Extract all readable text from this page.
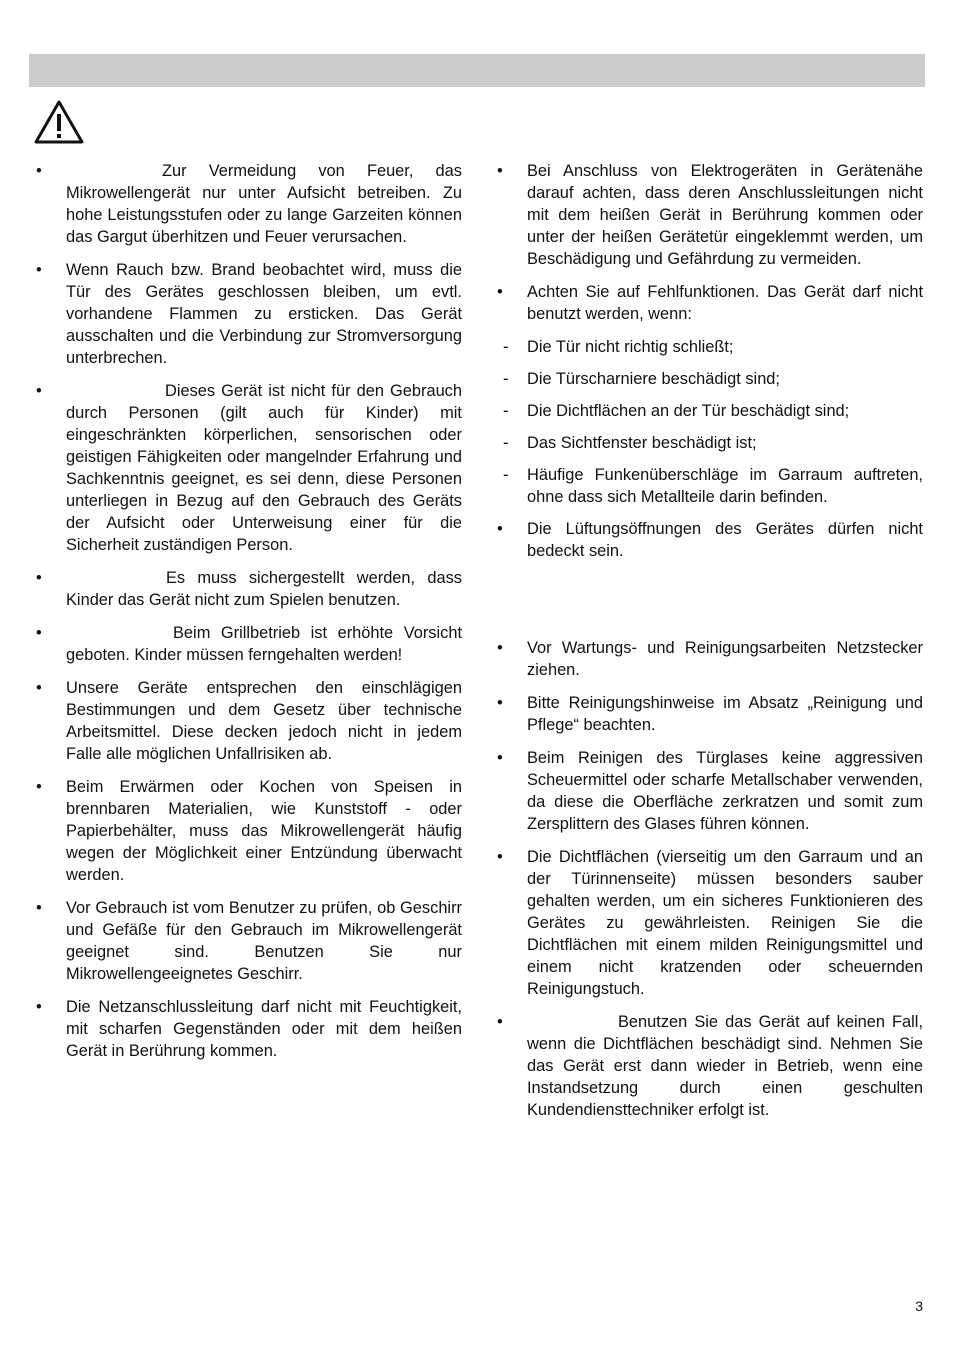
•	Zur Vermeidung von Feuer, das Mikrowellengerät nur unter Aufsicht betreiben. Zu hohe Leistungsstufen oder zu lange Garzeiten können das Gargut überhitzen und Feuer verursachen.
•	Wenn Rauch bzw. Brand beobachtet wird, muss die Tür des Gerätes geschlossen bleiben, um evtl. vorhandene Flammen zu ersticken. Das Gerät ausschalten und die Verbindung zur Stromversorgung unterbrechen.
•	Dieses Gerät ist nicht für den Gebrauch durch Personen (gilt auch für Kinder) mit eingeschränkten körperlichen, sensorischen oder geistigen Fähigkeiten oder mangelnder Erfahrung und Sachkenntnis geeignet, es sei denn, diese Personen unterliegen in Bezug auf den Gebrauch des Geräts der Aufsicht oder Unterweisung einer für die Sicherheit zuständigen Person.
•	Es muss sichergestellt werden, dass Kinder das Gerät nicht zum Spielen benutzen.
•	Beim Grillbetrieb ist erhöhte Vorsicht geboten. Kinder müssen ferngehalten werden!
•	Unsere Geräte entsprechen den einschlägigen Bestimmungen und dem Gesetz über technische Arbeitsmittel. Diese decken jedoch nicht in jedem Falle alle möglichen Unfallrisiken ab.
•	Beim Erwärmen oder Kochen von Speisen in brennbaren Materialien, wie Kunststoff - oder Papierbehälter, muss das Mikrowellengerät häufig wegen der Möglichkeit einer Entzündung überwacht werden.
•	Vor Gebrauch ist vom Benutzer zu prüfen, ob Geschirr und Gefäße für den Gebrauch im Mikrowellengerät geeignet sind. Benutzen Sie nur Mikrowellengeeignetes Geschirr.
•	Die Netzanschlussleitung darf nicht mit Feuchtigkeit, mit scharfen Gegenständen oder mit dem heißen Gerät in Berührung kommen.
•	Bei Anschluss von Elektrogeräten in Gerätenähe darauf achten, dass deren Anschlussleitungen nicht mit dem heißen Gerät in Berührung kommen oder unter der heißen Gerätetür eingeklemmt werden, um Beschädigung und Gefährdung zu vermeiden.
•	Achten Sie auf Fehlfunktionen. Das Gerät darf nicht benutzt werden, wenn:
-	Die Tür nicht richtig schließt;
-	Die Türscharniere beschädigt sind;
-	Die Dichtflächen an der Tür beschädigt sind;
-	Das Sichtfenster beschädigt ist;
-	Häufige Funkenüberschläge im Garraum auftreten, ohne dass sich Metallteile darin befinden.
•	Die Lüftungsöffnungen des Gerätes dürfen nicht bedeckt sein.
•	Vor Wartungs- und Reinigungsarbeiten Netzstecker ziehen.
•	Bitte Reinigungshinweise im Absatz „Reinigung und Pflege“ beachten.
•	Beim Reinigen des Türglases keine aggressiven Scheuermittel oder scharfe Metallschaber verwenden, da diese die Oberfläche zerkratzen und somit zum Zersplittern des Glases führen können.
•	Die Dichtflächen (vierseitig um den Garraum und an der Türinnenseite) müssen besonders sauber gehalten werden, um ein sicheres Funktionieren des Gerätes zu gewährleisten. Reinigen Sie die Dichtflächen mit einem milden Reinigungsmittel und einem nicht kratzenden oder scheuernden Reinigungstuch.
•	Benutzen Sie das Gerät auf keinen Fall, wenn die Dichtflächen beschädigt sind. Nehmen Sie das Gerät erst dann wieder in Betrieb, wenn eine Instandsetzung durch einen geschulten Kundendiensttechniker erfolgt ist.
3
